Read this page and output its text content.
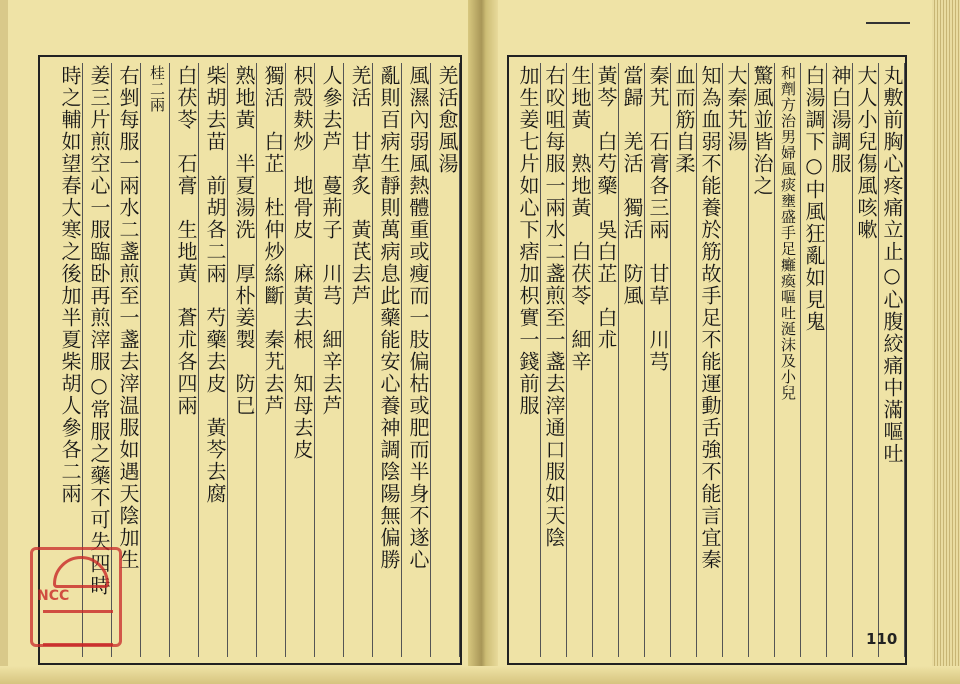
羌活愈風湯
風濕內弱風熱體重或瘦而一肢偏枯或肥而半身不遂心
亂則百病生靜則萬病息此藥能安心養神調陰陽無偏勝
羌活　甘草炙　黃芪去芦
人參去芦　蔓荊子　川芎　細辛去芦
枳殼麸炒　地骨皮　麻黃去根　知母去皮
獨活　白芷　杜仲炒絲斷　秦艽去芦
熟地黃　半夏湯洗　厚朴姜製　防已
柴胡去苗　前胡各二兩　芍藥去皮　黃芩去腐
白茯苓　石膏　生地黃　蒼朮各四兩
桂二兩
右剉每服一兩水二盞煎至一盞去滓温服如遇天陰加生
姜三片煎空心一服臨卧再煎滓服○常服之藥不可失四時
時之輔如望春大寒之後加半夏柴胡人參各二兩	丸敷前胸心疼痛立止○心腹絞痛中滿嘔吐
大人小兒傷風咳嗽
神白湯調服
白湯調下○中風狂亂如見鬼
和劑方治男婦風痰壅盛手足癱瘓嘔吐涎沫及小兒
驚風並皆治之
大秦艽湯
知為血弱不能養於筋故手足不能運動舌強不能言宜秦
血而筋自柔
秦艽　石膏各三兩　甘草　川芎
當歸　羌活　獨活　防風
黃芩　白芍藥　吳白芷　白朮
生地黃　熟地黃　白茯苓　細辛
右㕮咀每服一兩水二盞煎至一盞去滓通口服如天陰
加生姜七片如心下痞加枳實一錢前服
110
NCC
